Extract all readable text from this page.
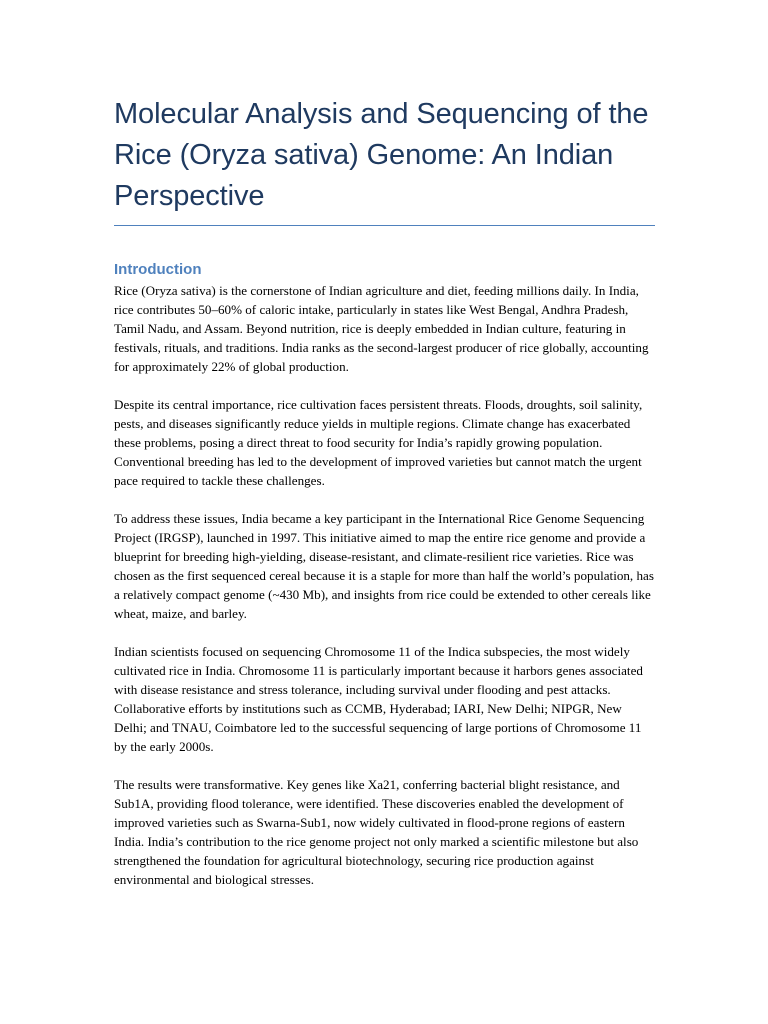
Molecular Analysis and Sequencing of the Rice (Oryza sativa) Genome: An Indian Perspective
Introduction

Rice (Oryza sativa) is the cornerstone of Indian agriculture and diet, feeding millions daily. In India, rice contributes 50–60% of caloric intake, particularly in states like West Bengal, Andhra Pradesh, Tamil Nadu, and Assam. Beyond nutrition, rice is deeply embedded in Indian culture, featuring in festivals, rituals, and traditions. India ranks as the second-largest producer of rice globally, accounting for approximately 22% of global production.

Despite its central importance, rice cultivation faces persistent threats. Floods, droughts, soil salinity, pests, and diseases significantly reduce yields in multiple regions. Climate change has exacerbated these problems, posing a direct threat to food security for India’s rapidly growing population. Conventional breeding has led to the development of improved varieties but cannot match the urgent pace required to tackle these challenges.

To address these issues, India became a key participant in the International Rice Genome Sequencing Project (IRGSP), launched in 1997. This initiative aimed to map the entire rice genome and provide a blueprint for breeding high-yielding, disease-resistant, and climate-resilient rice varieties. Rice was chosen as the first sequenced cereal because it is a staple for more than half the world’s population, has a relatively compact genome (~430 Mb), and insights from rice could be extended to other cereals like wheat, maize, and barley.

Indian scientists focused on sequencing Chromosome 11 of the Indica subspecies, the most widely cultivated rice in India. Chromosome 11 is particularly important because it harbors genes associated with disease resistance and stress tolerance, including survival under flooding and pest attacks. Collaborative efforts by institutions such as CCMB, Hyderabad; IARI, New Delhi; NIPGR, New Delhi; and TNAU, Coimbatore led to the successful sequencing of large portions of Chromosome 11 by the early 2000s.

The results were transformative. Key genes like Xa21, conferring bacterial blight resistance, and Sub1A, providing flood tolerance, were identified. These discoveries enabled the development of improved varieties such as Swarna-Sub1, now widely cultivated in flood-prone regions of eastern India. India’s contribution to the rice genome project not only marked a scientific milestone but also strengthened the foundation for agricultural biotechnology, securing rice production against environmental and biological stresses.
